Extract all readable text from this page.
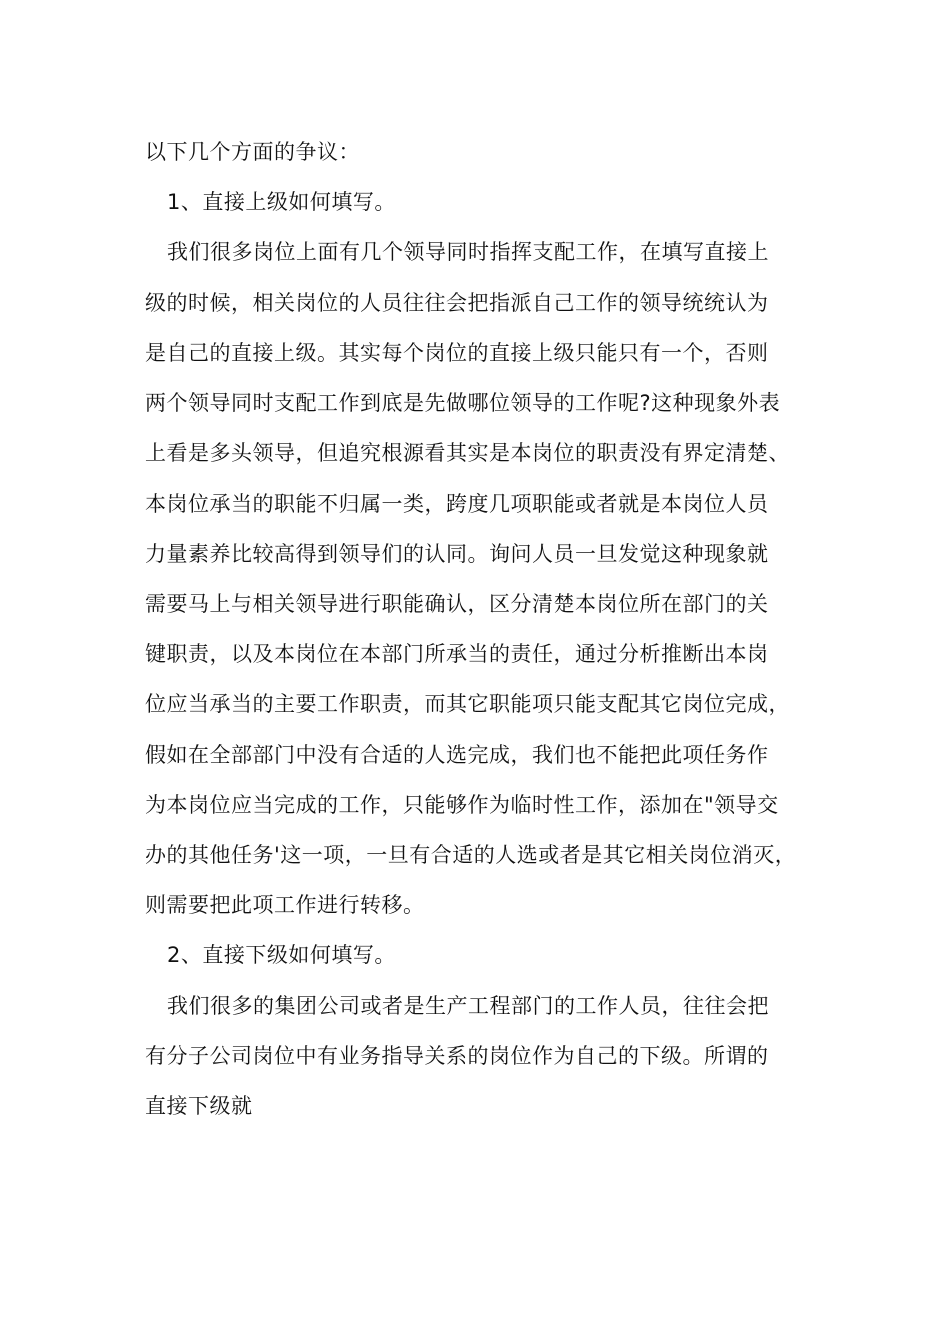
以下几个方面的争议：
1、直接上级如何填写。
我们很多岗位上面有几个领导同时指挥支配工作，在填写直接上
级的时候，相关岗位的人员往往会把指派自己工作的领导统统认为
是自己的直接上级。其实每个岗位的直接上级只能只有一个，否则
两个领导同时支配工作到底是先做哪位领导的工作呢?这种现象外表
上看是多头领导，但追究根源看其实是本岗位的职责没有界定清楚、
本岗位承当的职能不归属一类，跨度几项职能或者就是本岗位人员
力量素养比较高得到领导们的认同。询问人员一旦发觉这种现象就
需要马上与相关领导进行职能确认，区分清楚本岗位所在部门的关
键职责，以及本岗位在本部门所承当的责任，通过分析推断出本岗
位应当承当的主要工作职责，而其它职能项只能支配其它岗位完成，
假如在全部部门中没有合适的人选完成，我们也不能把此项任务作
为本岗位应当完成的工作，只能够作为临时性工作，添加在"领导交
办的其他任务'这一项，一旦有合适的人选或者是其它相关岗位消灭，
则需要把此项工作进行转移。
2、直接下级如何填写。
我们很多的集团公司或者是生产工程部门的工作人员，往往会把
有分子公司岗位中有业务指导关系的岗位作为自己的下级。所谓的
直接下级就
